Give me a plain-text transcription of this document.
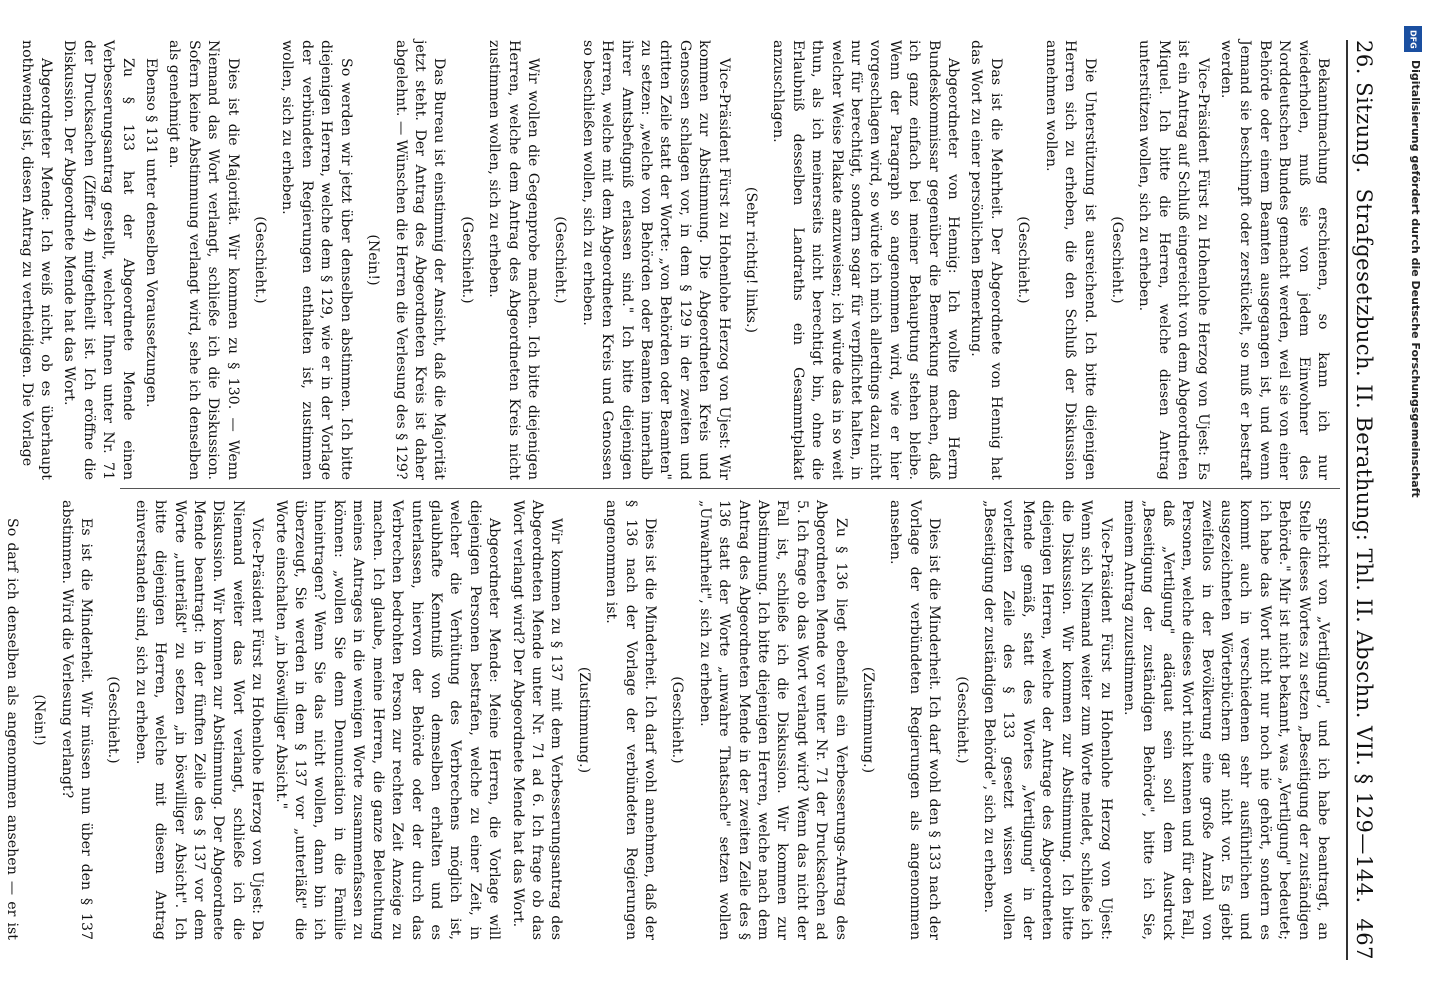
26. Sitzung.
Strafgesetzbuch. II. Berathung: Thl. II. Abschn. VII. § 129—144.
467

Bekanntmachung erschienen, so kann ich nur wiederholen, muß sie von jedem Einwohner des Norddeutschen Bundes gemacht werden, weil sie von einer Behörde oder einem Beamten ausgegangen ist, und wenn Jemand sie beschimpft oder zerstückelt, so muß er bestraft werden.

Vice-Präsident Fürst zu Hohenlohe Herzog von Ujest: Es ist ein Antrag auf Schluß eingereicht von dem Abgeordneten Miquel. Ich bitte die Herren, welche diesen Antrag unterstützen wollen, sich zu erheben.

(Geschieht.)

Die Unterstützung ist ausreichend. Ich bitte diejenigen Herren sich zu erheben, die den Schluß der Diskussion annehmen wollen.

(Geschieht.)

Das ist die Mehrheit. Der Abgeordnete von Hennig hat das Wort zu einer persönlichen Bemerkung.

Abgeordneter von Hennig: Ich wollte dem Herrn Bundeskommissar gegenüber die Bemerkung machen, daß ich ganz einfach bei meiner Behauptung stehen bleibe. Wenn der Paragraph so angenommen wird, wie er hier vorgeschlagen wird, so würde ich mich allerdings dazu nicht nur für berechtigt, sondern sogar für verpflichtet halten, in welcher Weise Plakate anzuweisen; ich würde das in so weit thun, als ich meinerseits nicht berechtigt bin, ohne die Erlaubniß desselben Landraths ein Gesammtplakat anzuschlagen.

(Sehr richtig! links.)

Vice-Präsident Fürst zu Hohenlohe Herzog von Ujest: Wir kommen zur Abstimmung. Die Abgeordneten Kreis und Genossen schlagen vor, in dem § 129 in der zweiten und dritten Zeile statt der Worte: „von Behörden oder Beamten" zu setzen: „welche von Behörden oder Beamten innerhalb ihrer Amtsbefugniß erlassen sind." Ich bitte diejenigen Herren, welche mit dem Abgeordneten Kreis und Genossen so beschließen wollen, sich zu erheben.

(Geschieht.)

Wir wollen die Gegenprobe machen. Ich bitte diejenigen Herren, welche dem Antrag des Abgeordneten Kreis nicht zustimmen wollen, sich zu erheben.

(Geschieht.)

Das Bureau ist einstimmig der Ansicht, daß die Majorität jetzt steht. Der Antrag des Abgeordneten Kreis ist daher abgelehnt. — Wünschen die Herren die Verlesung des § 129?

(Nein!)

So werden wir jetzt über denselben abstimmen. Ich bitte diejenigen Herren, welche dem § 129, wie er in der Vorlage der verbündeten Regierungen enthalten ist, zustimmen wollen, sich zu erheben.

(Geschieht.)

Dies ist die Majorität. Wir kommen zu § 130. — Wenn Niemand das Wort verlangt, schließe ich die Diskussion. Sofern keine Abstimmung verlangt wird, sehe ich denselben als genehmigt an.

Ebenso § 131 unter denselben Voraussetzungen.

Zu § 133 hat der Abgeordnete Mende einen Verbesserungsantrag gestellt, welcher Ihnen unter Nr. 71 der Drucksachen (Ziffer 4) mitgetheilt ist. Ich eröffne die Diskussion. Der Abgeordnete Mende hat das Wort.

Abgeordneter Mende: Ich weiß nicht, ob es überhaupt nothwendig ist, diesen Antrag zu vertheidigen. Die Vorlage

spricht von „Vertilgung", und ich habe beantragt, an Stelle dieses Wortes zu setzen „Beseitigung der zuständigen Behörde." Mir ist nicht bekannt, was „Vertilgung" bedeutet; ich habe das Wort nicht nur noch nie gehört, sondern es kommt auch in verschiedenen sehr ausführlichen und ausgezeichneten Wörterbüchern gar nicht vor. Es giebt zweifellos in der Bevölkerung eine große Anzahl von Personen, welche dieses Wort nicht kennen und für den Fall, daß „Vertilgung" adäquat sein soll dem Ausdruck „Beseitigung der zuständigen Behörde", bitte ich Sie, meinem Antrag zuzustimmen.

Vice-Präsident Fürst zu Hohenlohe Herzog von Ujest: Wenn sich Niemand weiter zum Worte meldet, schließe ich die Diskussion. Wir kommen zur Abstimmung. Ich bitte diejenigen Herren, welche der Antrage des Abgeordneten Mende gemäß, statt des Wortes „Vertilgung" in der vorletzten Zeile des § 133 gesetzt wissen wollen „Beseitigung der zuständigen Behörde", sich zu erheben.

(Geschieht.)

Dies ist die Minderheit. Ich darf wohl den § 133 nach der Vorlage der verbündeten Regierungen als angenommen ansehen.

(Zustimmung.)

Zu § 136 liegt ebenfalls ein Verbesserungs-Antrag des Abgeordneten Mende vor unter Nr. 71 der Drucksachen ad 5. Ich frage ob das Wort verlangt wird? Wenn das nicht der Fall ist, schließe ich die Diskussion. Wir kommen zur Abstimmung. Ich bitte diejenigen Herren, welche nach dem Antrag des Abgeordneten Mende in der zweiten Zeile des § 136 statt der Worte „unwahre Thatsache" setzen wollen „Unwahrheit", sich zu erheben.

(Geschieht.)

Dies ist die Minderheit. Ich darf wohl annehmen, daß der § 136 nach der Vorlage der verbündeten Regierungen angenommen ist.

(Zustimmung.)

Wir kommen zu § 137 mit dem Verbesserungsantrag des Abgeordneten Mende unter Nr. 71 ad 6. Ich frage ob das Wort verlangt wird? Der Abgeordnete Mende hat das Wort.

Abgeordneter Mende: Meine Herren, die Vorlage will diejenigen Personen bestrafen, welche zu einer Zeit, in welcher die Verhütung des Verbrechens möglich ist, glaubhafte Kenntniß von demselben erhalten und es unterlassen, hiervon der Behörde oder der durch das Verbrechen bedrohten Person zur rechten Zeit Anzeige zu machen. Ich glaube, meine Herren, die ganze Beleuchtung meines Antrages in die wenigen Worte zusammenfassen zu können: „wollen Sie denn Denunciation in die Familie hineintragen? Wenn Sie das nicht wollen, dann bin ich überzeugt, Sie werden in dem § 137 vor „unterläßt" die Worte einschalten „in böswilliger Absicht."

Vice-Präsident Fürst zu Hohenlohe Herzog von Ujest: Da Niemand weiter das Wort verlangt, schließe ich die Diskussion. Wir kommen zur Abstimmung. Der Abgeordnete Mende beantragt: in der fünften Zeile des § 137 vor dem Worte „unterläßt" zu setzen „in böswilliger Absicht". Ich bitte diejenigen Herren, welche mit diesem Antrag einverstanden sind, sich zu erheben.

(Geschieht.)

Es ist die Minderheit. Wir müssen nun über den § 137 abstimmen. Wird die Verlesung verlangt?

(Nein!)

So darf ich denselben als angenommen ansehen — er ist

DFG
Digitalisierung gefördert durch die Deutsche Forschungsgemeinschaft
